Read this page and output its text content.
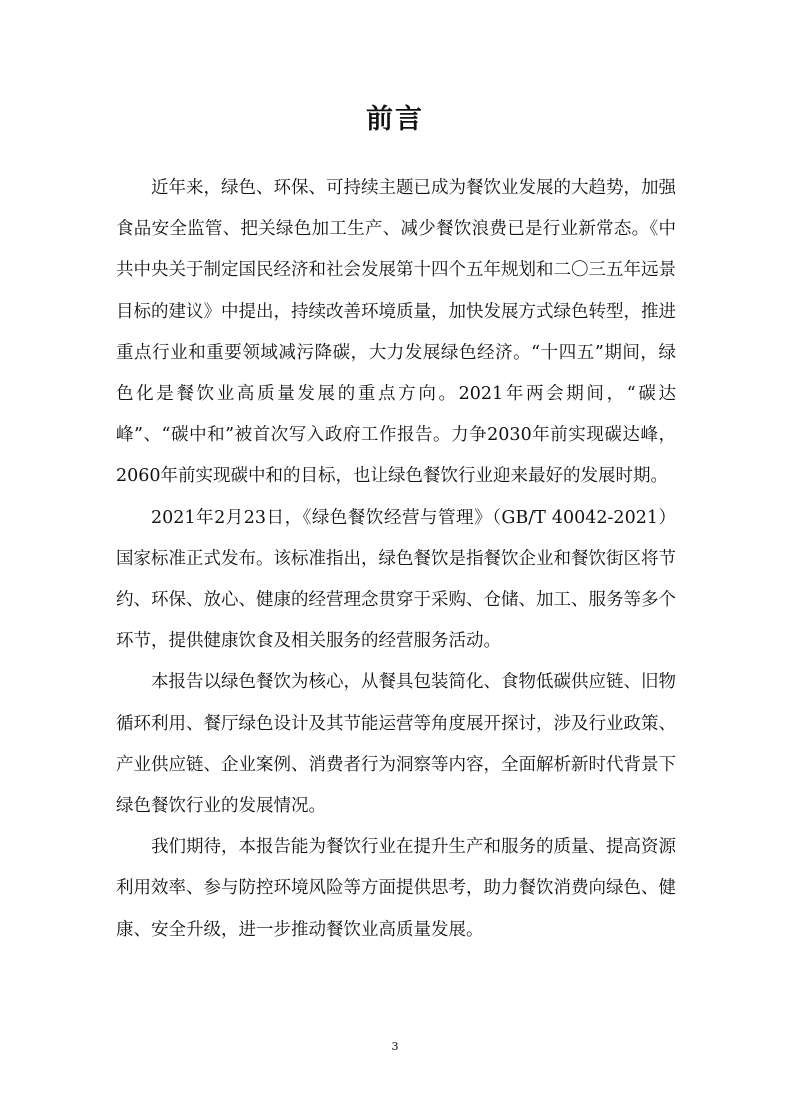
前言

近年来，绿色、环保、可持续主题已成为餐饮业发展的大趋势，加强食品安全监管、把关绿色加工生产、减少餐饮浪费已是行业新常态。《中共中央关于制定国民经济和社会发展第十四个五年规划和二〇三五年远景目标的建议》中提出，持续改善环境质量，加快发展方式绿色转型，推进重点行业和重要领域减污降碳，大力发展绿色经济。“十四五”期间，绿色化是餐饮业高质量发展的重点方向。2021年两会期间，“碳达峰”、“碳中和”被首次写入政府工作报告。力争2030年前实现碳达峰，2060年前实现碳中和的目标，也让绿色餐饮行业迎来最好的发展时期。

2021年2月23日，《绿色餐饮经营与管理》（GB/T 40042-2021）国家标准正式发布。该标准指出，绿色餐饮是指餐饮企业和餐饮街区将节约、环保、放心、健康的经营理念贯穿于采购、仓储、加工、服务等多个环节，提供健康饮食及相关服务的经营服务活动。

本报告以绿色餐饮为核心，从餐具包装简化、食物低碳供应链、旧物循环利用、餐厅绿色设计及其节能运营等角度展开探讨，涉及行业政策、产业供应链、企业案例、消费者行为洞察等内容，全面解析新时代背景下绿色餐饮行业的发展情况。

我们期待，本报告能为餐饮行业在提升生产和服务的质量、提高资源利用效率、参与防控环境风险等方面提供思考，助力餐饮消费向绿色、健康、安全升级，进一步推动餐饮业高质量发展。

3
